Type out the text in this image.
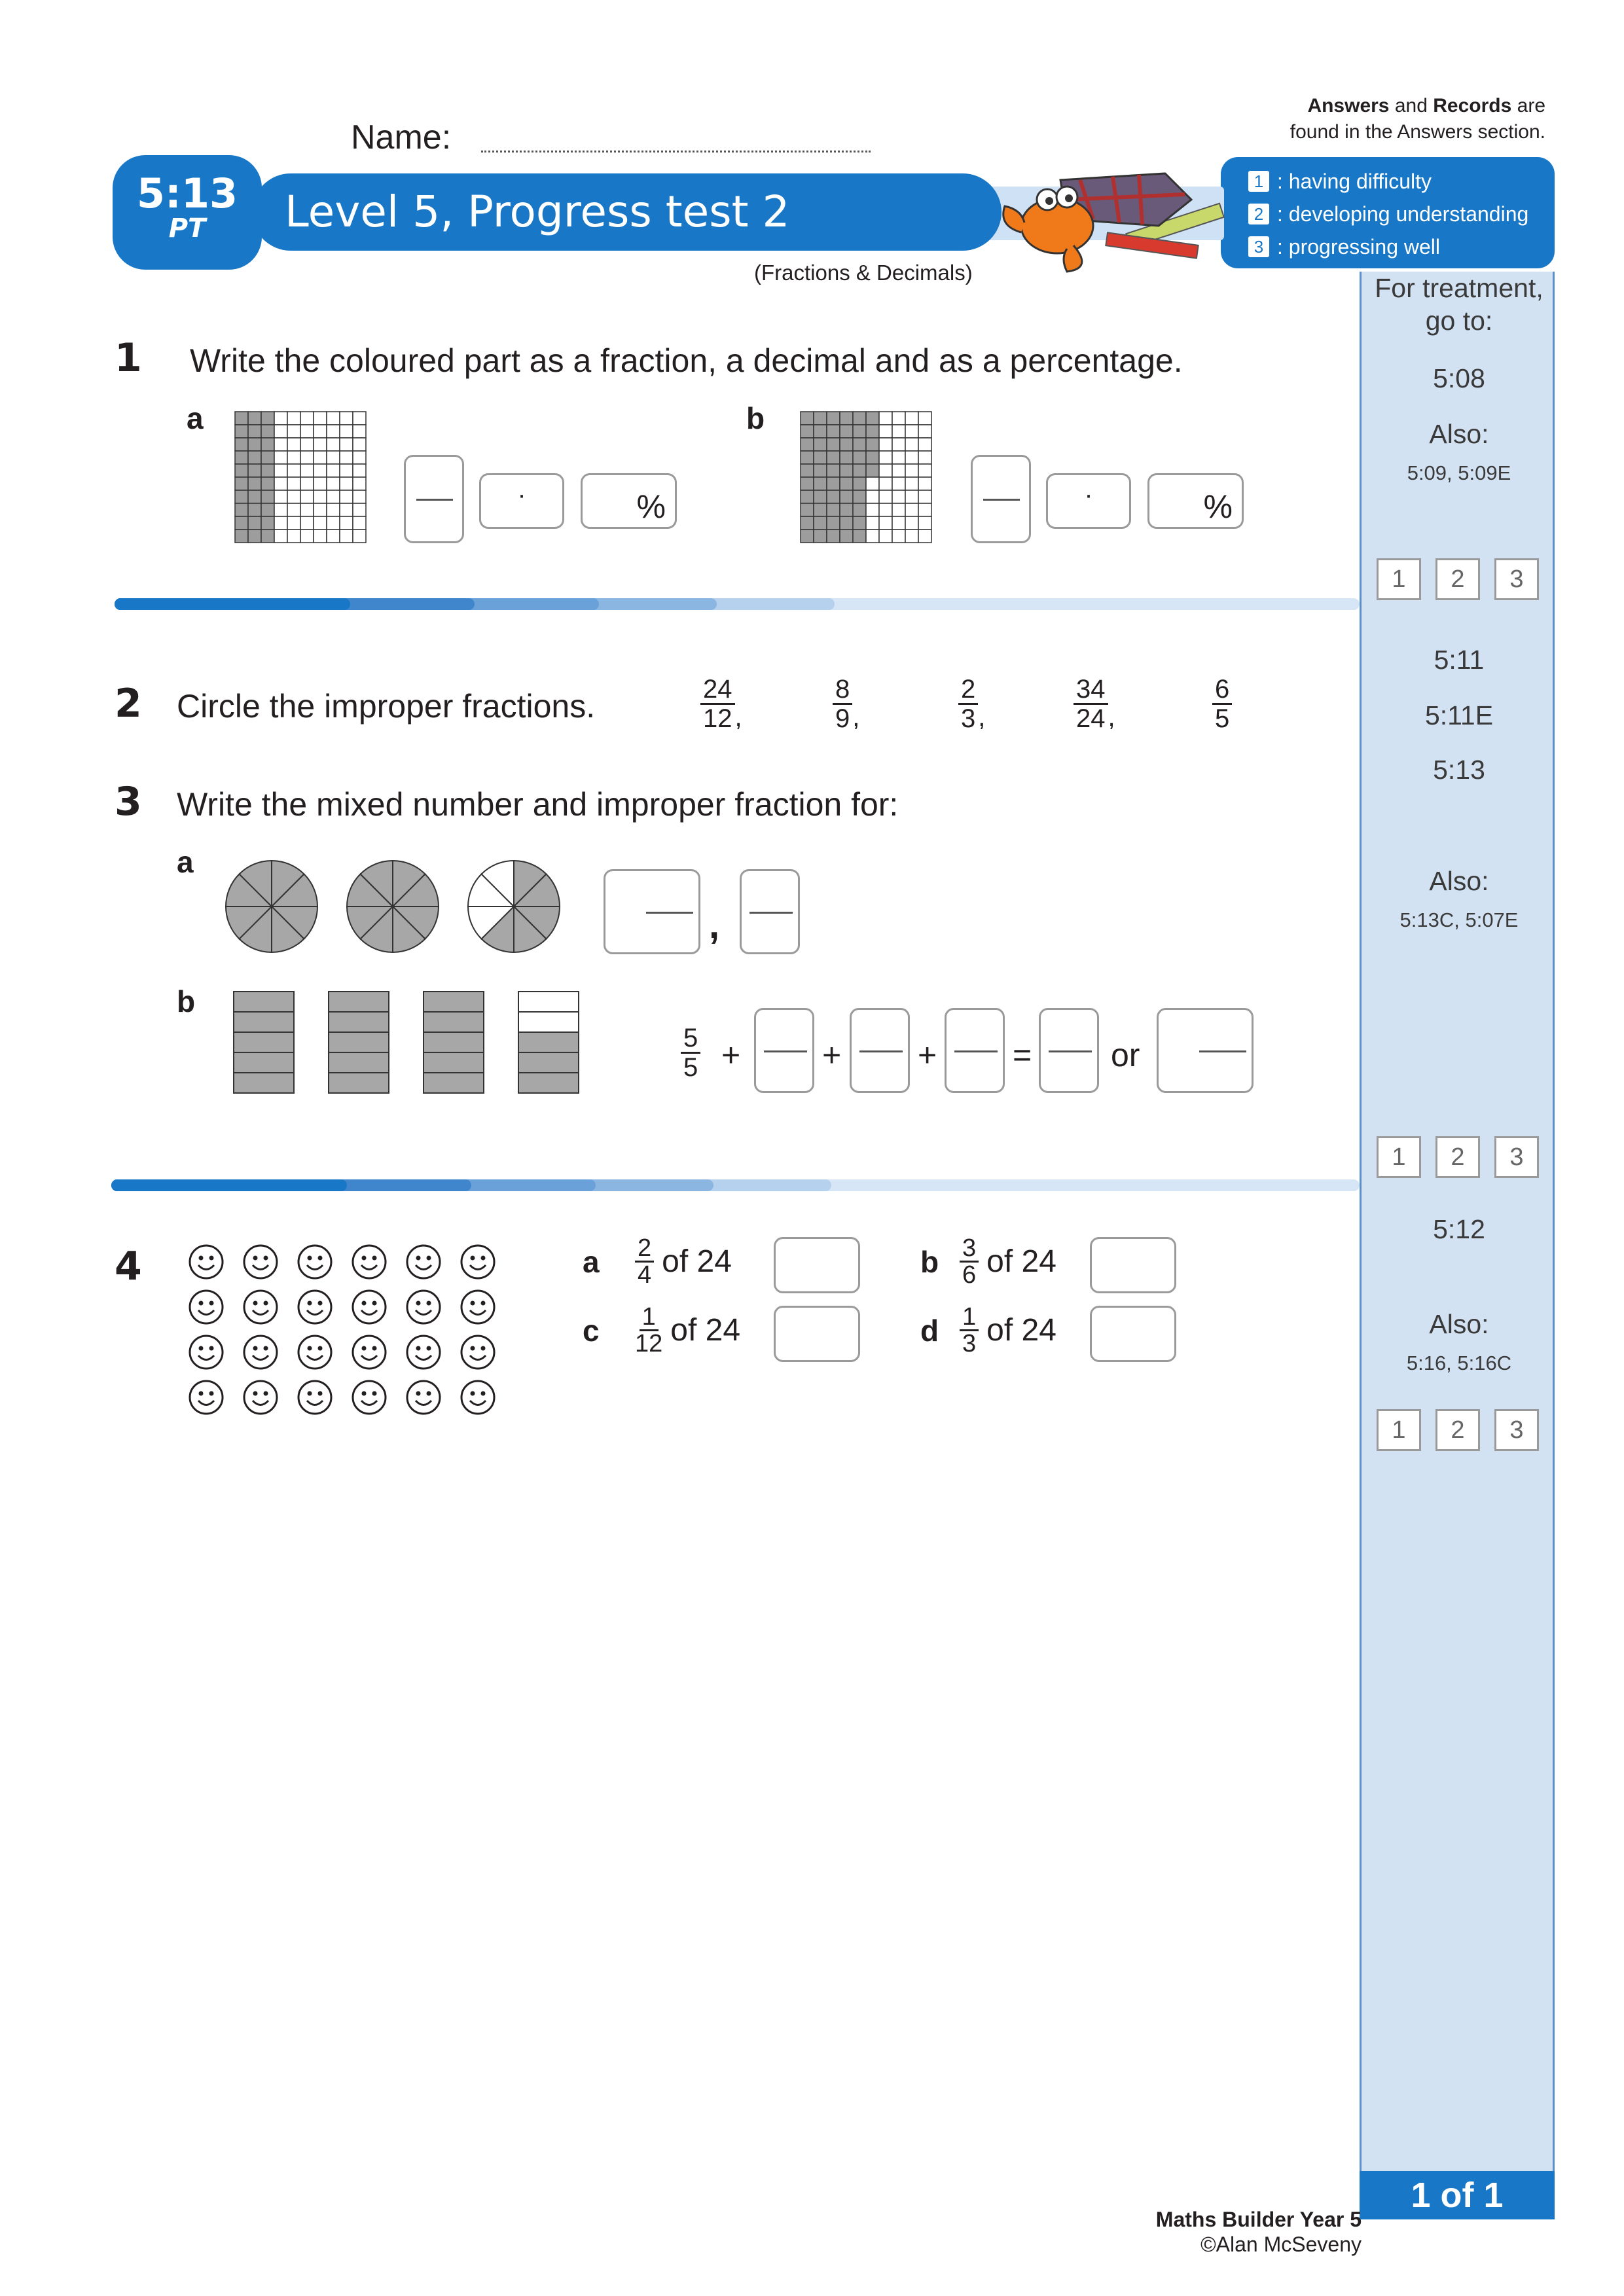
For treatment,
go to:
5:08
Also:
5:09, 5:09E
1	2	3
5:11
5:11E
5:13
Also:
5:13C, 5:07E
1	2	3
5:12
Also:
5:16, 5:16C
1	2	3
1 of 1
Answers and Records are
found in the Answers section.
1 : having difficulty
2 : developing understanding
3 : progressing well
Name:
Level 5, Progress test 2
5:13
PT
(Fractions & Decimals)
1 Write the coloured part as a fraction, a decimal and as a percentage.
a	b
·	%	·	%
2 Circle the improper fractions.	$\frac{24}{12}$ ,	$\frac{8}{9}$ ,	$\frac{2}{3}$ ,	$\frac{34}{24}$ ,	$\frac{6}{5}$
3 Write the mixed number and improper fraction for:
a
,
b
$\frac{5}{5}$ + + + = or
4	a	$\frac{2}{4}$ of 24	b $\frac{3}{6}$ of 24
c	$\frac{1}{12}$ of 24	d $\frac{1}{3}$ of 24
Maths Builder Year 5
©Alan McSeveny
